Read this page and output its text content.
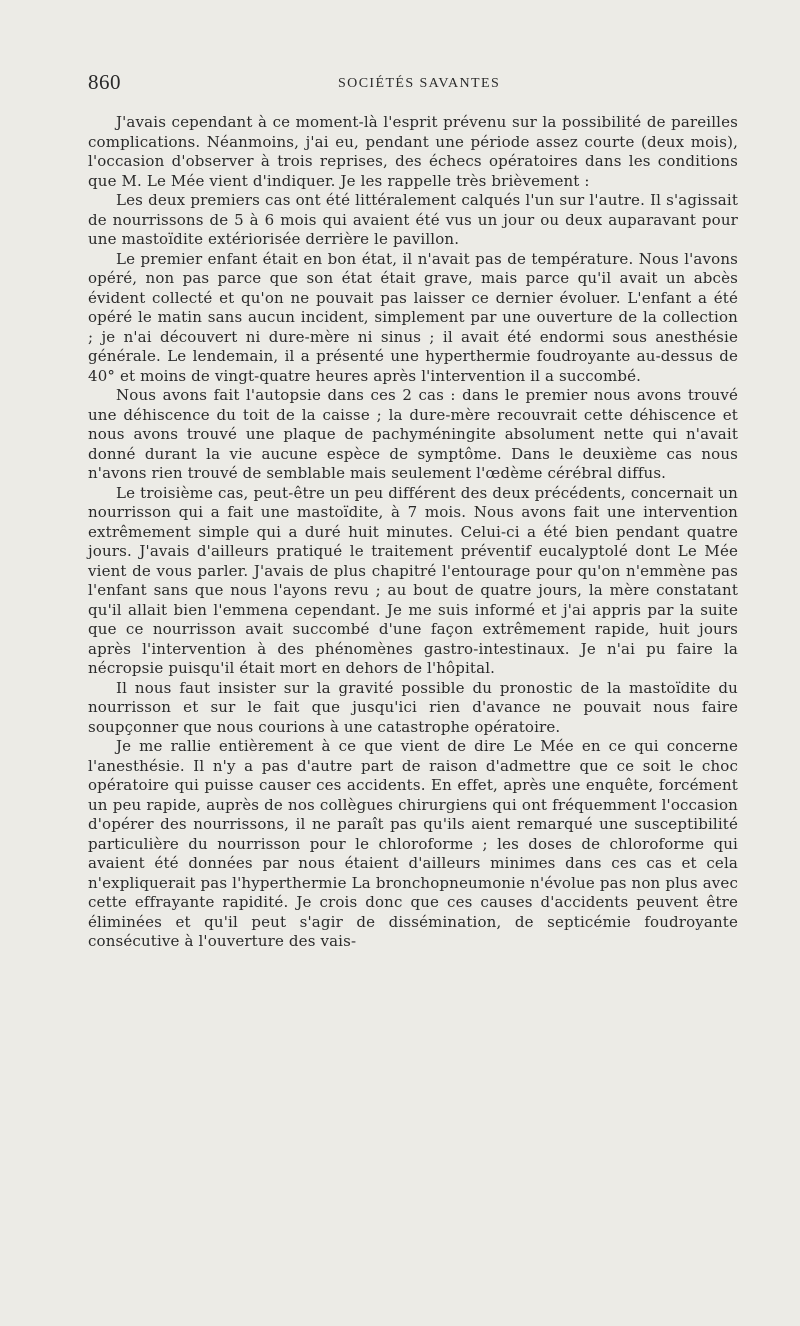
860	SOCIÉTÉS SAVANTES

J'avais cependant à ce moment-là l'esprit prévenu sur la possibilité de pareilles complications. Néanmoins, j'ai eu, pendant une période assez courte (deux mois), l'occasion d'observer à trois reprises, des échecs opératoires dans les conditions que M. Le Mée vient d'indiquer. Je les rappelle très brièvement :

Les deux premiers cas ont été littéralement calqués l'un sur l'autre. Il s'agissait de nourrissons de 5 à 6 mois qui avaient été vus un jour ou deux auparavant pour une mastoïdite extériorisée derrière le pavillon.

Le premier enfant était en bon état, il n'avait pas de température. Nous l'avons opéré, non pas parce que son état était grave, mais parce qu'il avait un abcès évident collecté et qu'on ne pouvait pas laisser ce dernier évoluer. L'enfant a été opéré le matin sans aucun incident, simplement par une ouverture de la collection ; je n'ai découvert ni dure-mère ni sinus ; il avait été endormi sous anesthésie générale. Le lendemain, il a présenté une hyperthermie foudroyante au-dessus de 40° et moins de vingt-quatre heures après l'intervention il a succombé.

Nous avons fait l'autopsie dans ces 2 cas : dans le premier nous avons trouvé une déhiscence du toit de la caisse ; la dure-mère recouvrait cette déhiscence et nous avons trouvé une plaque de pachyméningite absolument nette qui n'avait donné durant la vie aucune espèce de symptôme. Dans le deuxième cas nous n'avons rien trouvé de semblable mais seulement l'œdème cérébral diffus.

Le troisième cas, peut-être un peu différent des deux précédents, concernait un nourrisson qui a fait une mastoïdite, à 7 mois. Nous avons fait une intervention extrêmement simple qui a duré huit minutes. Celui-ci a été bien pendant quatre jours. J'avais d'ailleurs pratiqué le traitement préventif eucalyptolé dont Le Mée vient de vous parler. J'avais de plus chapitré l'entourage pour qu'on n'emmène pas l'enfant sans que nous l'ayons revu ; au bout de quatre jours, la mère constatant qu'il allait bien l'emmena cependant. Je me suis informé et j'ai appris par la suite que ce nourrisson avait succombé d'une façon extrêmement rapide, huit jours après l'intervention à des phénomènes gastro-intestinaux. Je n'ai pu faire la nécropsie puisqu'il était mort en dehors de l'hôpital.

Il nous faut insister sur la gravité possible du pronostic de la mastoïdite du nourrisson et sur le fait que jusqu'ici rien d'avance ne pouvait nous faire soupçonner que nous courions à une catastrophe opératoire.

Je me rallie entièrement à ce que vient de dire Le Mée en ce qui concerne l'anesthésie. Il n'y a pas d'autre part de raison d'admettre que ce soit le choc opératoire qui puisse causer ces accidents. En effet, après une enquête, forcément un peu rapide, auprès de nos collègues chirurgiens qui ont fréquemment l'occasion d'opérer des nourrissons, il ne paraît pas qu'ils aient remarqué une susceptibilité particulière du nourrisson pour le chloroforme ; les doses de chloroforme qui avaient été données par nous étaient d'ailleurs minimes dans ces cas et cela n'expliquerait pas l'hyperthermie La bronchopneumonie n'évolue pas non plus avec cette effrayante rapidité. Je crois donc que ces causes d'accidents peuvent être éliminées et qu'il peut s'agir de dissémination, de septicémie foudroyante consécutive à l'ouverture des vais-
